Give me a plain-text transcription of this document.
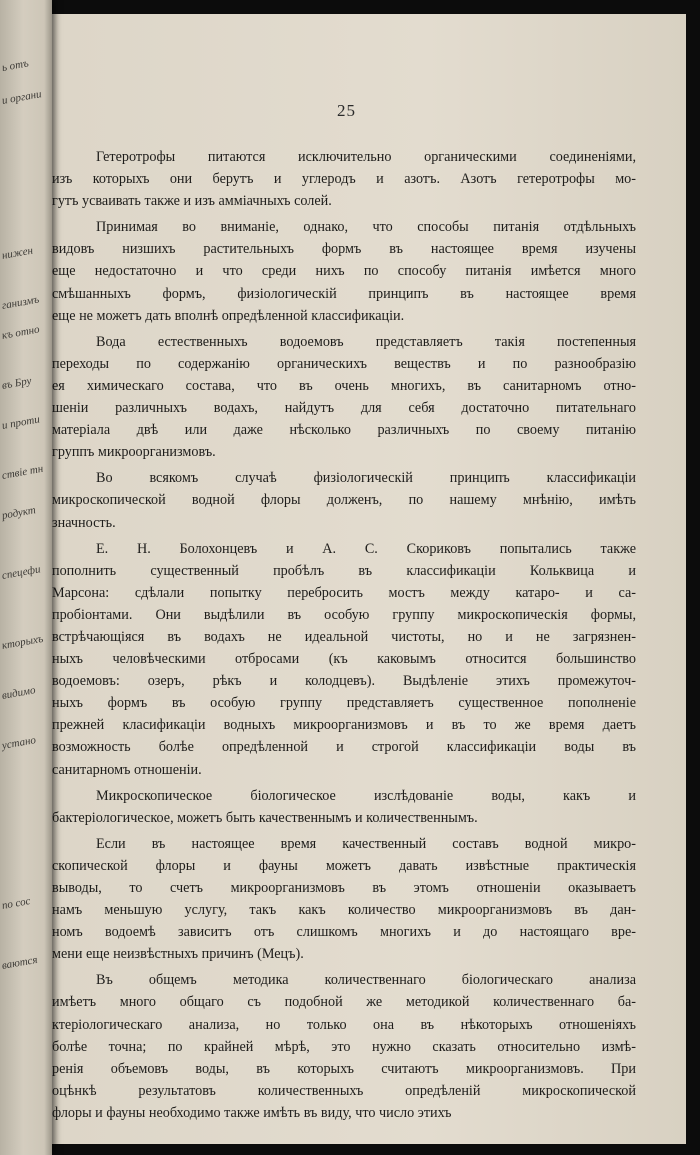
ь отъ
и органи
нижен
ганизмъ
къ отно
въ Бру
и проти
ствіе тн
родукт
спецефи
кторыхъ
видимо
устано
по сос
ваются
25
Гетеротрофы питаются исключительно органическими соединеніями,
изъ которыхъ они берутъ и углеродъ и азотъ. Азотъ гетеротрофы мо-
гутъ усваивать также и изъ аммiачныхъ солей.
Принимая во вниманіе, однако, что способы питанія отдѣльныхъ
видовъ низшихъ растительныхъ формъ въ настоящее время изучены
еще недостаточно и что среди нихъ по способу питанія имѣется много
смѣшанныхъ формъ, физіологическій принципъ въ настоящее время
еще не можетъ дать вполнѣ опредѣленной классификаціи.
Вода естественныхъ водоемовъ представляетъ такія постепенныя
переходы по содержанію органическихъ веществъ и по разнообразію
ея химическаго состава, что въ очень многихъ, въ санитарномъ отно-
шеніи различныхъ водахъ, найдутъ для себя достаточно питательнаго
матеріала двѣ или даже нѣсколько различныхъ по своему питанію
группъ микроорганизмовъ.
Во всякомъ случаѣ физіологическій принципъ классификаціи
микроскопической водной флоры долженъ, по нашему мнѣнію, имѣть
значность.
Е. Н. Болохонцевъ и А. С. Скориковъ попытались также
пополнить существенный пробѣлъ въ классификаціи Кольквица и
Марсона: сдѣлали попытку перебросить мостъ между катаро- и са-
пробіонтами. Они выдѣлили въ особую группу микроскопическія формы,
встрѣчающіяся въ водахъ не идеальной чистоты, но и не загрязнен-
ныхъ человѣческими отбросами (къ каковымъ относится большинство
водоемовъ: озеръ, рѣкъ и колодцевъ). Выдѣленіе этихъ промежуточ-
ныхъ формъ въ особую группу представляетъ существенное пополненіе
прежней класификаціи водныхъ микроорганизмовъ и въ то же время даетъ
возможность болѣе опредѣленной и строгой классификаціи воды въ
санитарномъ отношеніи.
Микроскопическое біологическое изслѣдованіе воды, какъ и
бактеріологическое, можетъ быть качественнымъ и количественнымъ.
Если въ настоящее время качественный составъ водной микро-
скопической флоры и фауны можетъ давать извѣстные практическія
выводы, то счетъ микроорганизмовъ въ этомъ отношеніи оказываетъ
намъ меньшую услугу, такъ какъ количество микроорганизмовъ въ дан-
номъ водоемѣ зависитъ отъ слишкомъ многихъ и до настоящаго вре-
мени еще неизвѣстныхъ причинъ (Мецъ).
Въ общемъ методика количественнаго біологическаго анализа
имѣетъ много общаго съ подобной же методикой количественнаго ба-
ктеріологическаго анализа, но только она въ нѣкоторыхъ отношеніяхъ
болѣе точна; по крайней мѣрѣ, это нужно сказать относительно измѣ-
ренія объемовъ воды, въ которыхъ считаютъ микроорганизмовъ. При
оцѣнкѣ результатовъ количественныхъ опредѣленій микроскопической
флоры и фауны необходимо также имѣть въ виду, что число этихъ
